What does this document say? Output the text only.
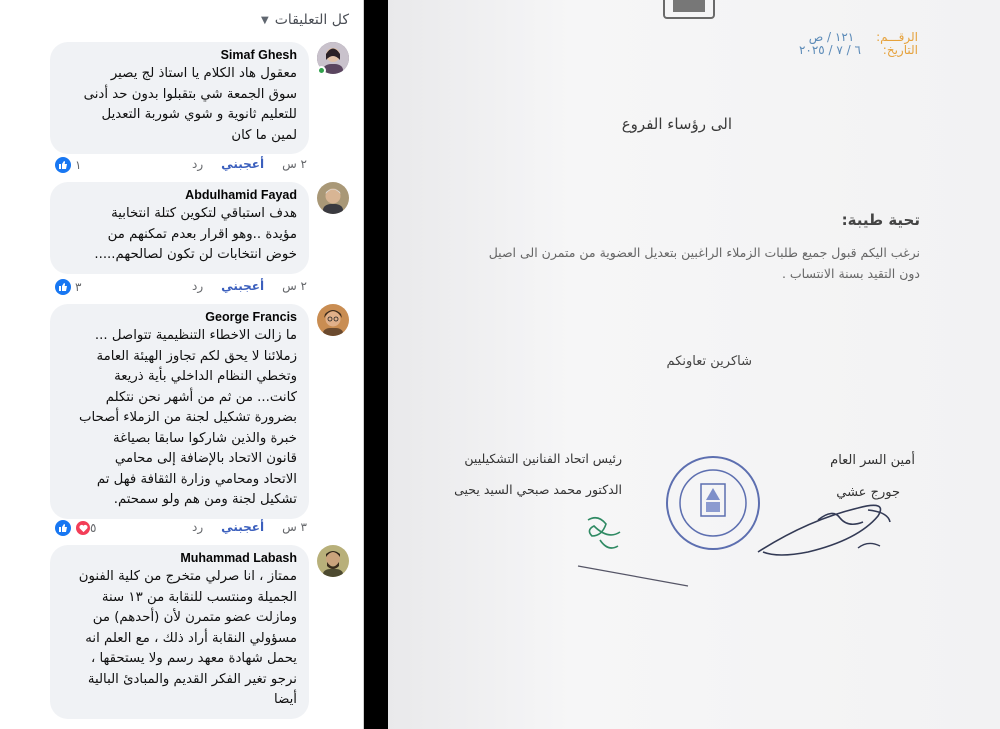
كل التعليقات
▼
Simaf Ghesh
معقول هاد الكلام يا استاذ لج يصير
سوق الجمعة شي بتقبلوا بدون حد أدنى
للتعليم ثانوية و شوي شوربة التعديل
لمين ما كان
٢ س
أعجبني
رد
١
Abdulhamid Fayad
هدف استباقي لتكوين كتلة انتخابية
مؤيدة ..وهو اقرار بعدم تمكنهم من
خوض انتخابات لن تكون لصالحهم.....
٢ س
أعجبني
رد
٣
George Francis
ما زالت الاخطاء التنظيمية تتواصل ...
زملائنا لا يحق لكم تجاوز الهيئة العامة
وتخطي النظام الداخلي بأية ذريعة
كانت... من ثم من أشهر نحن نتكلم
بضرورة تشكيل لجنة من الزملاء أصحاب
خبرة والذين شاركوا سابقا بصياغة
قانون الاتحاد بالإضافة إلى محامي
الاتحاد ومحامي وزارة الثقافة فهل تم
تشكيل لجنة ومن هم ولو سمحتم.
٣ س
أعجبني
رد
٥
Muhammad Labash
ممتاز ، انا صرلي متخرج من كلية الفنون
الجميلة ومنتسب للنقابة من ١٣ سنة
ومازلت عضو متمرن لأن (أحدهم) من
مسؤولي النقابة أراد ذلك ، مع العلم انه
يحمل شهادة معهد رسم ولا يستحقها ،
نرجو تغير الفكر القديم والمبادئ البالية
أيضا
الرقـــم: ١٢١ / ص
التاريخ: ٦ / ٧ / ٢٠٢٥
الى رؤساء الفروع
تحية طيبة:
نرغب اليكم قبول جميع طلبات الزملاء الراغبين بتعديل العضوية من متمرن الى اصيل
دون التقيد بسنة الانتساب .
شاكرين تعاونكم
رئيس اتحاد الفنانين التشكيليين
الدكتور محمد صبحي السيد يحيى
أمين السر العام
جورج عشي
